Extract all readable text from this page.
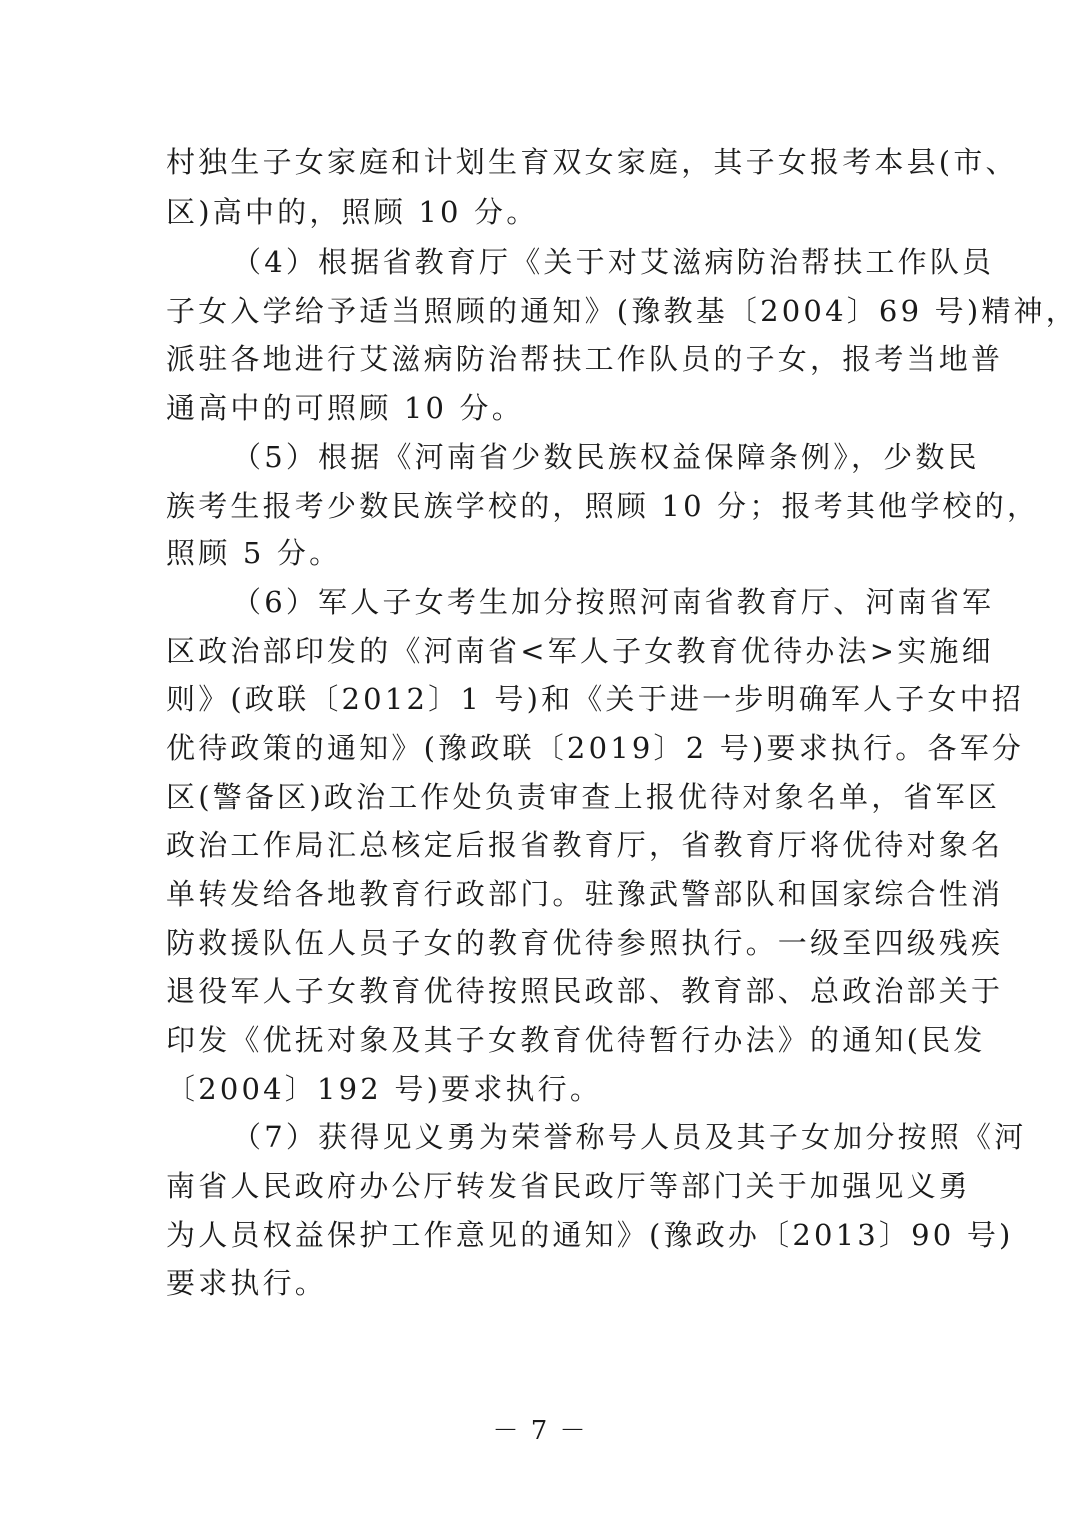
村独生子女家庭和计划生育双女家庭，其子女报考本县(市、
区)高中的，照顾 10 分。
（4）根据省教育厅《关于对艾滋病防治帮扶工作队员
子女入学给予适当照顾的通知》(豫教基〔2004〕69 号)精神，
派驻各地进行艾滋病防治帮扶工作队员的子女，报考当地普
通高中的可照顾 10 分。
（5）根据《河南省少数民族权益保障条例》，少数民
族考生报考少数民族学校的，照顾 10 分；报考其他学校的，
照顾 5 分。
（6）军人子女考生加分按照河南省教育厅、河南省军
区政治部印发的《河南省<军人子女教育优待办法>实施细
则》(政联〔2012〕1 号)和《关于进一步明确军人子女中招
优待政策的通知》(豫政联〔2019〕2 号)要求执行。各军分
区(警备区)政治工作处负责审查上报优待对象名单，省军区
政治工作局汇总核定后报省教育厅，省教育厅将优待对象名
单转发给各地教育行政部门。驻豫武警部队和国家综合性消
防救援队伍人员子女的教育优待参照执行。一级至四级残疾
退役军人子女教育优待按照民政部、教育部、总政治部关于
印发《优抚对象及其子女教育优待暂行办法》的通知(民发
〔2004〕192 号)要求执行。
（7）获得见义勇为荣誉称号人员及其子女加分按照《河
南省人民政府办公厅转发省民政厅等部门关于加强见义勇
为人员权益保护工作意见的通知》(豫政办〔2013〕90 号)
要求执行。
－ 7 －
